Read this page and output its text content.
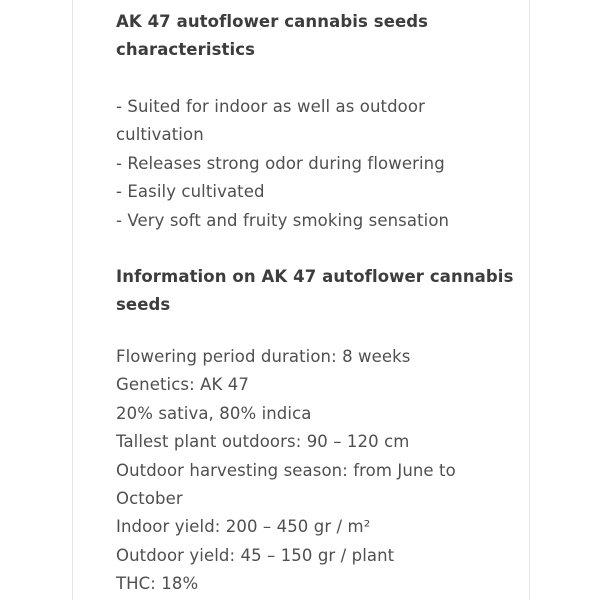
AK 47 autoflower cannabis seeds characteristics
- Suited for indoor as well as outdoor cultivation
- Releases strong odor during flowering
- Easily cultivated
- Very soft and fruity smoking sensation
Information on AK 47 autoflower cannabis seeds

Flowering period duration: 8 weeks

Genetics: AK 47

20% sativa, 80% indica

Tallest plant outdoors: 90 – 120 cm

Outdoor harvesting season: from June to October

Indoor yield: 200 – 450 gr / m²

Outdoor yield: 45 – 150 gr / plant

THC: 18%
